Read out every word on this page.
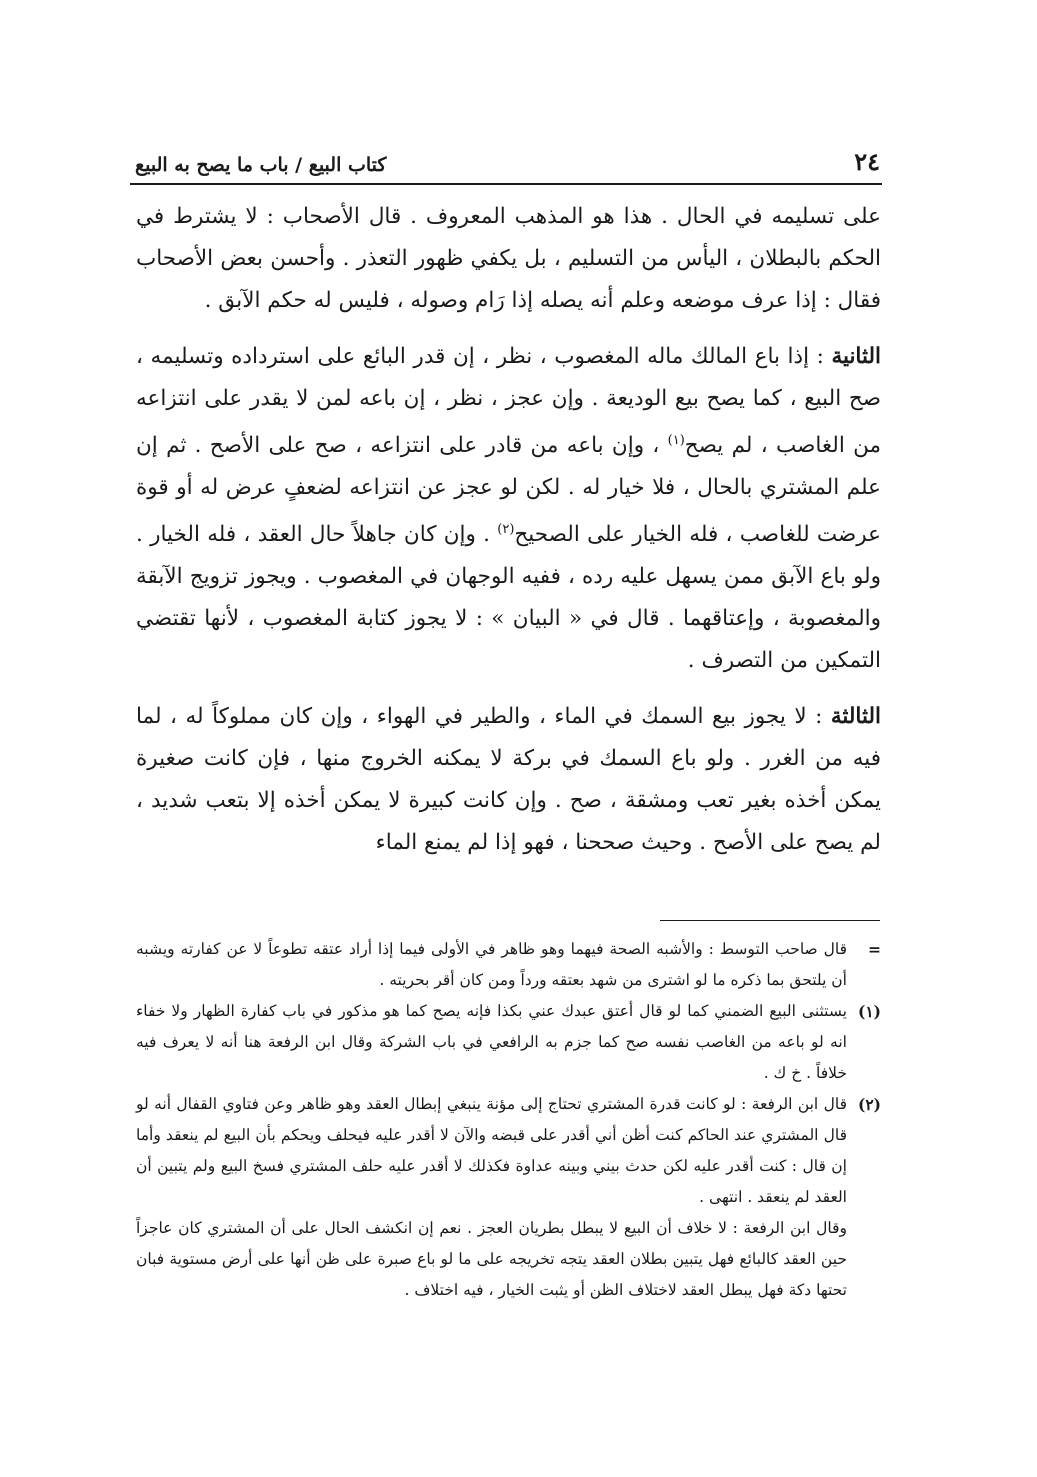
٢٤
كتاب البيع / باب ما يصح به البيع

على تسليمه في الحال . هذا هو المذهب المعروف . قال الأصحاب : لا يشترط في الحكم بالبطلان ، اليأس من التسليم ، بل يكفي ظهور التعذر . وأحسن بعض الأصحاب فقال : إذا عرف موضعه وعلم أنه يصله إذا رَام وصوله ، فليس له حكم الآبق .

الثانية : إذا باع المالك ماله المغصوب ، نظر ، إن قدر البائع على استرداده وتسليمه ، صح البيع ، كما يصح بيع الوديعة . وإن عجز ، نظر ، إن باعه لمن لا يقدر على انتزاعه من الغاصب ، لم يصح$^{(١)}$ ، وإن باعه من قادر على انتزاعه ، صح على الأصح . ثم إن علم المشتري بالحال ، فلا خيار له . لكن لو عجز عن انتزاعه لضعفٍ عرض له أو قوة عرضت للغاصب ، فله الخيار على الصحيح$^{(٢)}$ . وإن كان جاهلاً حال العقد ، فله الخيار . ولو باع الآبق ممن يسهل عليه رده ، ففيه الوجهان في المغصوب . ويجوز تزويج الآبقة والمغصوبة ، وإعتاقهما . قال في « البيان » : لا يجوز كتابة المغصوب ، لأنها تقتضي التمكين من التصرف .

الثالثة : لا يجوز بيع السمك في الماء ، والطير في الهواء ، وإن كان مملوكاً له ، لما فيه من الغرر . ولو باع السمك في بركة لا يمكنه الخروج منها ، فإن كانت صغيرة يمكن أخذه بغير تعب ومشقة ، صح . وإن كانت كبيرة لا يمكن أخذه إلا بتعب شديد ، لم يصح على الأصح . وحيث صححنا ، فهو إذا لم يمنع الماء

=
قال صاحب التوسط : والأشبه الصحة فيهما وهو ظاهر في الأولى فيما إذا أراد عتقه تطوعاً لا عن كفارته ويشبه أن يلتحق بما ذكره ما لو اشترى من شهد بعتقه ورداً ومن كان أقر بحريته .
(١)
يستثنى البيع الضمني كما لو قال أعتق عبدك عني بكذا فإنه يصح كما هو مذكور في باب كفارة الظهار ولا خفاء انه لو باعه من الغاصب نفسه صح كما جزم به الرافعي في باب الشركة وقال ابن الرفعة هنا أنه لا يعرف فيه خلافاً . خ ك .
(٢)
قال ابن الرفعة : لو كانت قدرة المشتري تحتاج إلى مؤنة ينبغي إبطال العقد وهو ظاهر وعن فتاوي القفال أنه لو قال المشتري عند الحاكم كنت أظن أني أقدر على قبضه والآن لا أقدر عليه فيحلف ويحكم بأن البيع لم ينعقد وأما إن قال : كنت أقدر عليه لكن حدث بيني وبينه عداوة فكذلك لا أقدر عليه حلف المشتري فسخ البيع ولم يتبين أن العقد لم ينعقد . انتهى .

وقال ابن الرفعة : لا خلاف أن البيع لا يبطل بطريان العجز . نعم إن انكشف الحال على أن المشتري كان عاجزاً حين العقد كالبائع فهل يتبين بطلان العقد يتجه تخريجه على ما لو باع صبرة على ظن أنها على أرض مستوية فبان تحتها دكة فهل يبطل العقد لاختلاف الظن أو يثبت الخيار ، فيه اختلاف .
